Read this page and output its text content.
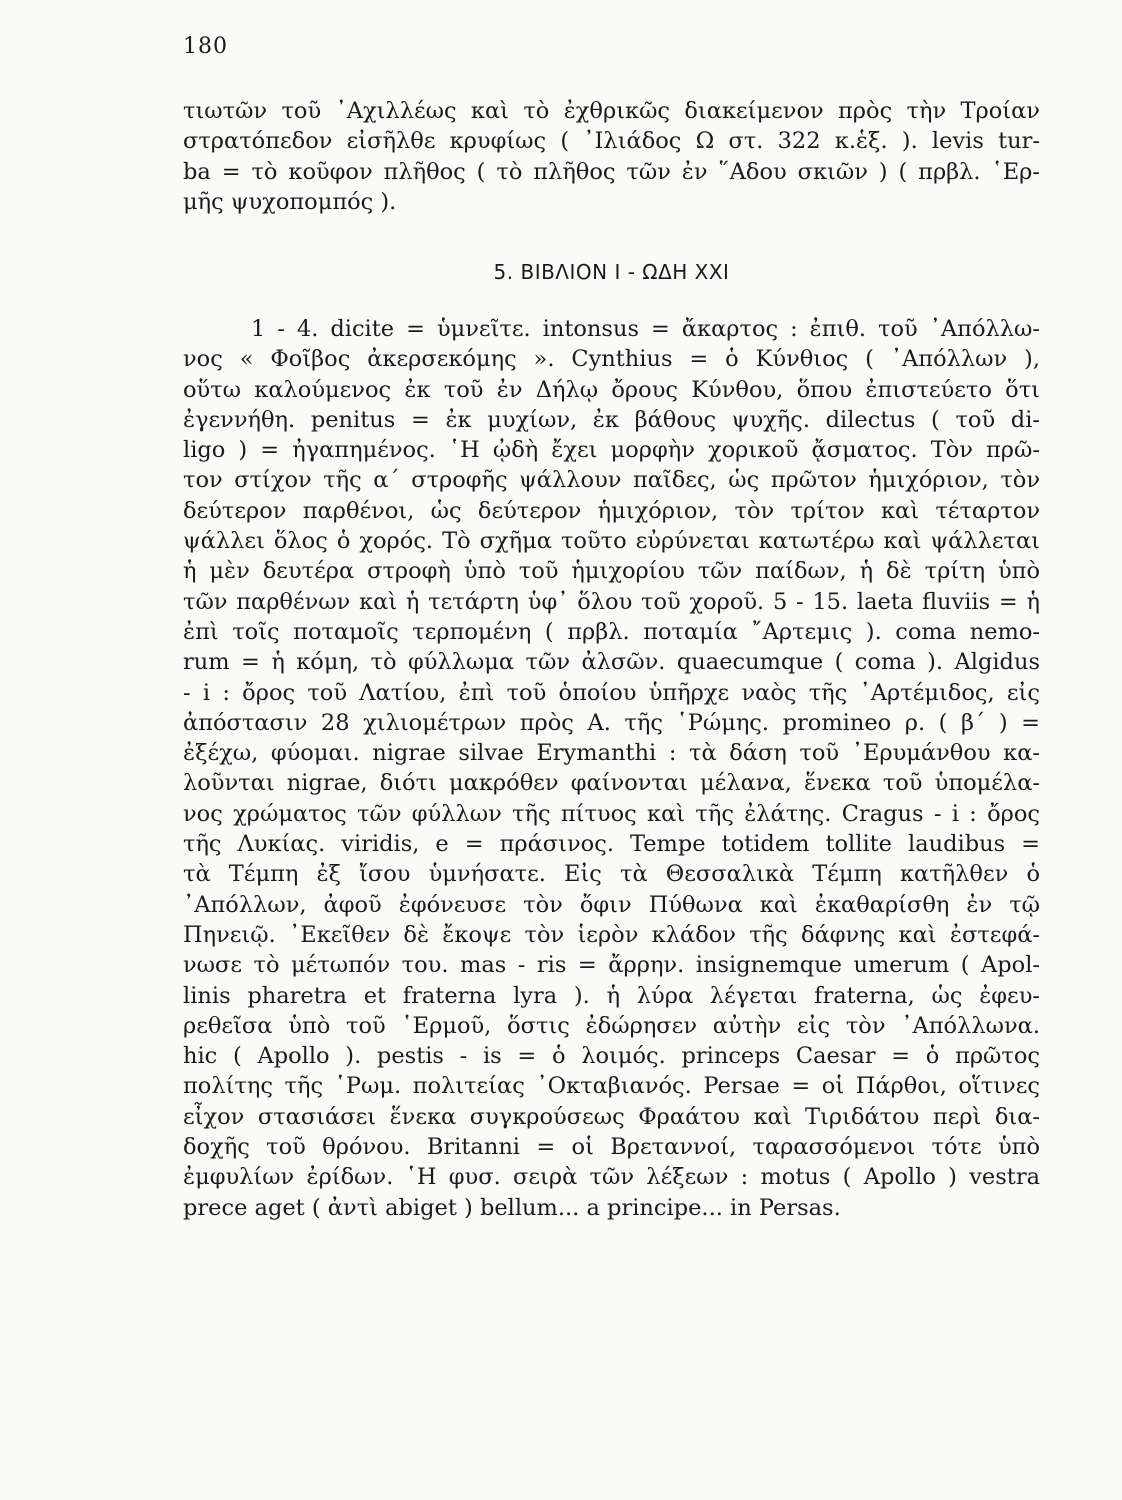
180
τιωτῶν τοῦ ᾿Αχιλλέως καὶ τὸ ἐχθρικῶς διακείμενον πρὸς τὴν Τροίαν
στρατόπεδον εἰσῆλθε κρυφίως ( ᾿Ιλιάδος Ω στ. 322 κ.ἑξ. ). levis tur-
ba = τὸ κοῦφον πλῆθος ( τὸ πλῆθος τῶν ἐν ῞Αδου σκιῶν ) ( πρβλ. ῾Ερ-
μῆς ψυχοπομπός ).
5. ΒΙΒΛΙΟΝ Ι - ΩΔΗ XXI
1 - 4. dicite = ὑμνεῖτε. intonsus = ἄκαρτος : ἐπιθ. τοῦ ᾿Απόλλω-
νος « Φοῖβος ἀκερσεκόμης ». Cynthius = ὁ Κύνθιος ( ᾿Απόλλων ),
οὕτω καλούμενος ἐκ τοῦ ἐν Δήλῳ ὄρους Κύνθου, ὅπου ἐπιστεύετο ὅτι
ἐγεννήθη. penitus = ἐκ μυχίων, ἐκ βάθους ψυχῆς. dilectus ( τοῦ di-
ligo ) = ἠγαπημένος. ῾Η ᾠδὴ ἔχει μορφὴν χορικοῦ ᾄσματος. Τὸν πρῶ-
τον στίχον τῆς α΄ στροφῆς ψάλλουν παῖδες, ὡς πρῶτον ἡμιχόριον, τὸν
δεύτερον παρθένοι, ὡς δεύτερον ἡμιχόριον, τὸν τρίτον καὶ τέταρτον
ψάλλει ὅλος ὁ χορός. Τὸ σχῆμα τοῦτο εὐρύνεται κατωτέρω καὶ ψάλλεται
ἡ μὲν δευτέρα στροφὴ ὑπὸ τοῦ ἡμιχορίου τῶν παίδων, ἡ δὲ τρίτη ὑπὸ
τῶν παρθένων καὶ ἡ τετάρτη ὑφ᾿ ὅλου τοῦ χοροῦ. 5 - 15. laeta fluviis = ἡ
ἐπὶ τοῖς ποταμοῖς τερπομένη ( πρβλ. ποταμία ῎Αρτεμις ). coma nemo-
rum = ἡ κόμη, τὸ φύλλωμα τῶν ἀλσῶν. quaecumque ( coma ). Algidus
- i : ὄρος τοῦ Λατίου, ἐπὶ τοῦ ὁποίου ὑπῆρχε ναὸς τῆς ᾿Αρτέμιδος, εἰς
ἀπόστασιν 28 χιλιομέτρων πρὸς Α. τῆς ῾Ρώμης. promineo ρ. ( β΄ ) =
ἐξέχω, φύομαι. nigrae silvae Erymanthi : τὰ δάση τοῦ ᾿Ερυμάνθου κα-
λοῦνται nigrae, διότι μακρόθεν φαίνονται μέλανα, ἕνεκα τοῦ ὑπομέλα-
νος χρώματος τῶν φύλλων τῆς πίτυος καὶ τῆς ἐλάτης. Cragus - i : ὄρος
τῆς Λυκίας. viridis, e = πράσινος. Tempe totidem tollite laudibus =
τὰ Τέμπη ἐξ ἴσου ὑμνήσατε. Εἰς τὰ Θεσσαλικὰ Τέμπη κατῆλθεν ὁ
᾿Απόλλων, ἀφοῦ ἐφόνευσε τὸν ὄφιν Πύθωνα καὶ ἐκαθαρίσθη ἐν τῷ
Πηνειῷ. ᾿Εκεῖθεν δὲ ἔκοψε τὸν ἱερὸν κλάδον τῆς δάφνης καὶ ἐστεφά-
νωσε τὸ μέτωπόν του. mas - ris = ἄρρην. insignemque umerum ( Apol-
linis pharetra et fraterna lyra ). ἡ λύρα λέγεται fraterna, ὡς ἐφευ-
ρεθεῖσα ὑπὸ τοῦ ῾Ερμοῦ, ὅστις ἐδώρησεν αὐτὴν εἰς τὸν ᾿Απόλλωνα.
hic ( Apollo ). pestis - is = ὁ λοιμός. princeps Caesar = ὁ πρῶτος
πολίτης τῆς ῾Ρωμ. πολιτείας ᾿Οκταβιανός. Persae = οἱ Πάρθοι, οἵτινες
εἶχον στασιάσει ἕνεκα συγκρούσεως Φραάτου καὶ Τιριδάτου περὶ δια-
δοχῆς τοῦ θρόνου. Britanni = οἱ Βρεταννοί, ταρασσόμενοι τότε ὑπὸ
ἐμφυλίων ἐρίδων. ῾Η φυσ. σειρὰ τῶν λέξεων : motus ( Apollo ) vestra
prece aget ( ἀντὶ abiget ) bellum... a principe... in Persas.
